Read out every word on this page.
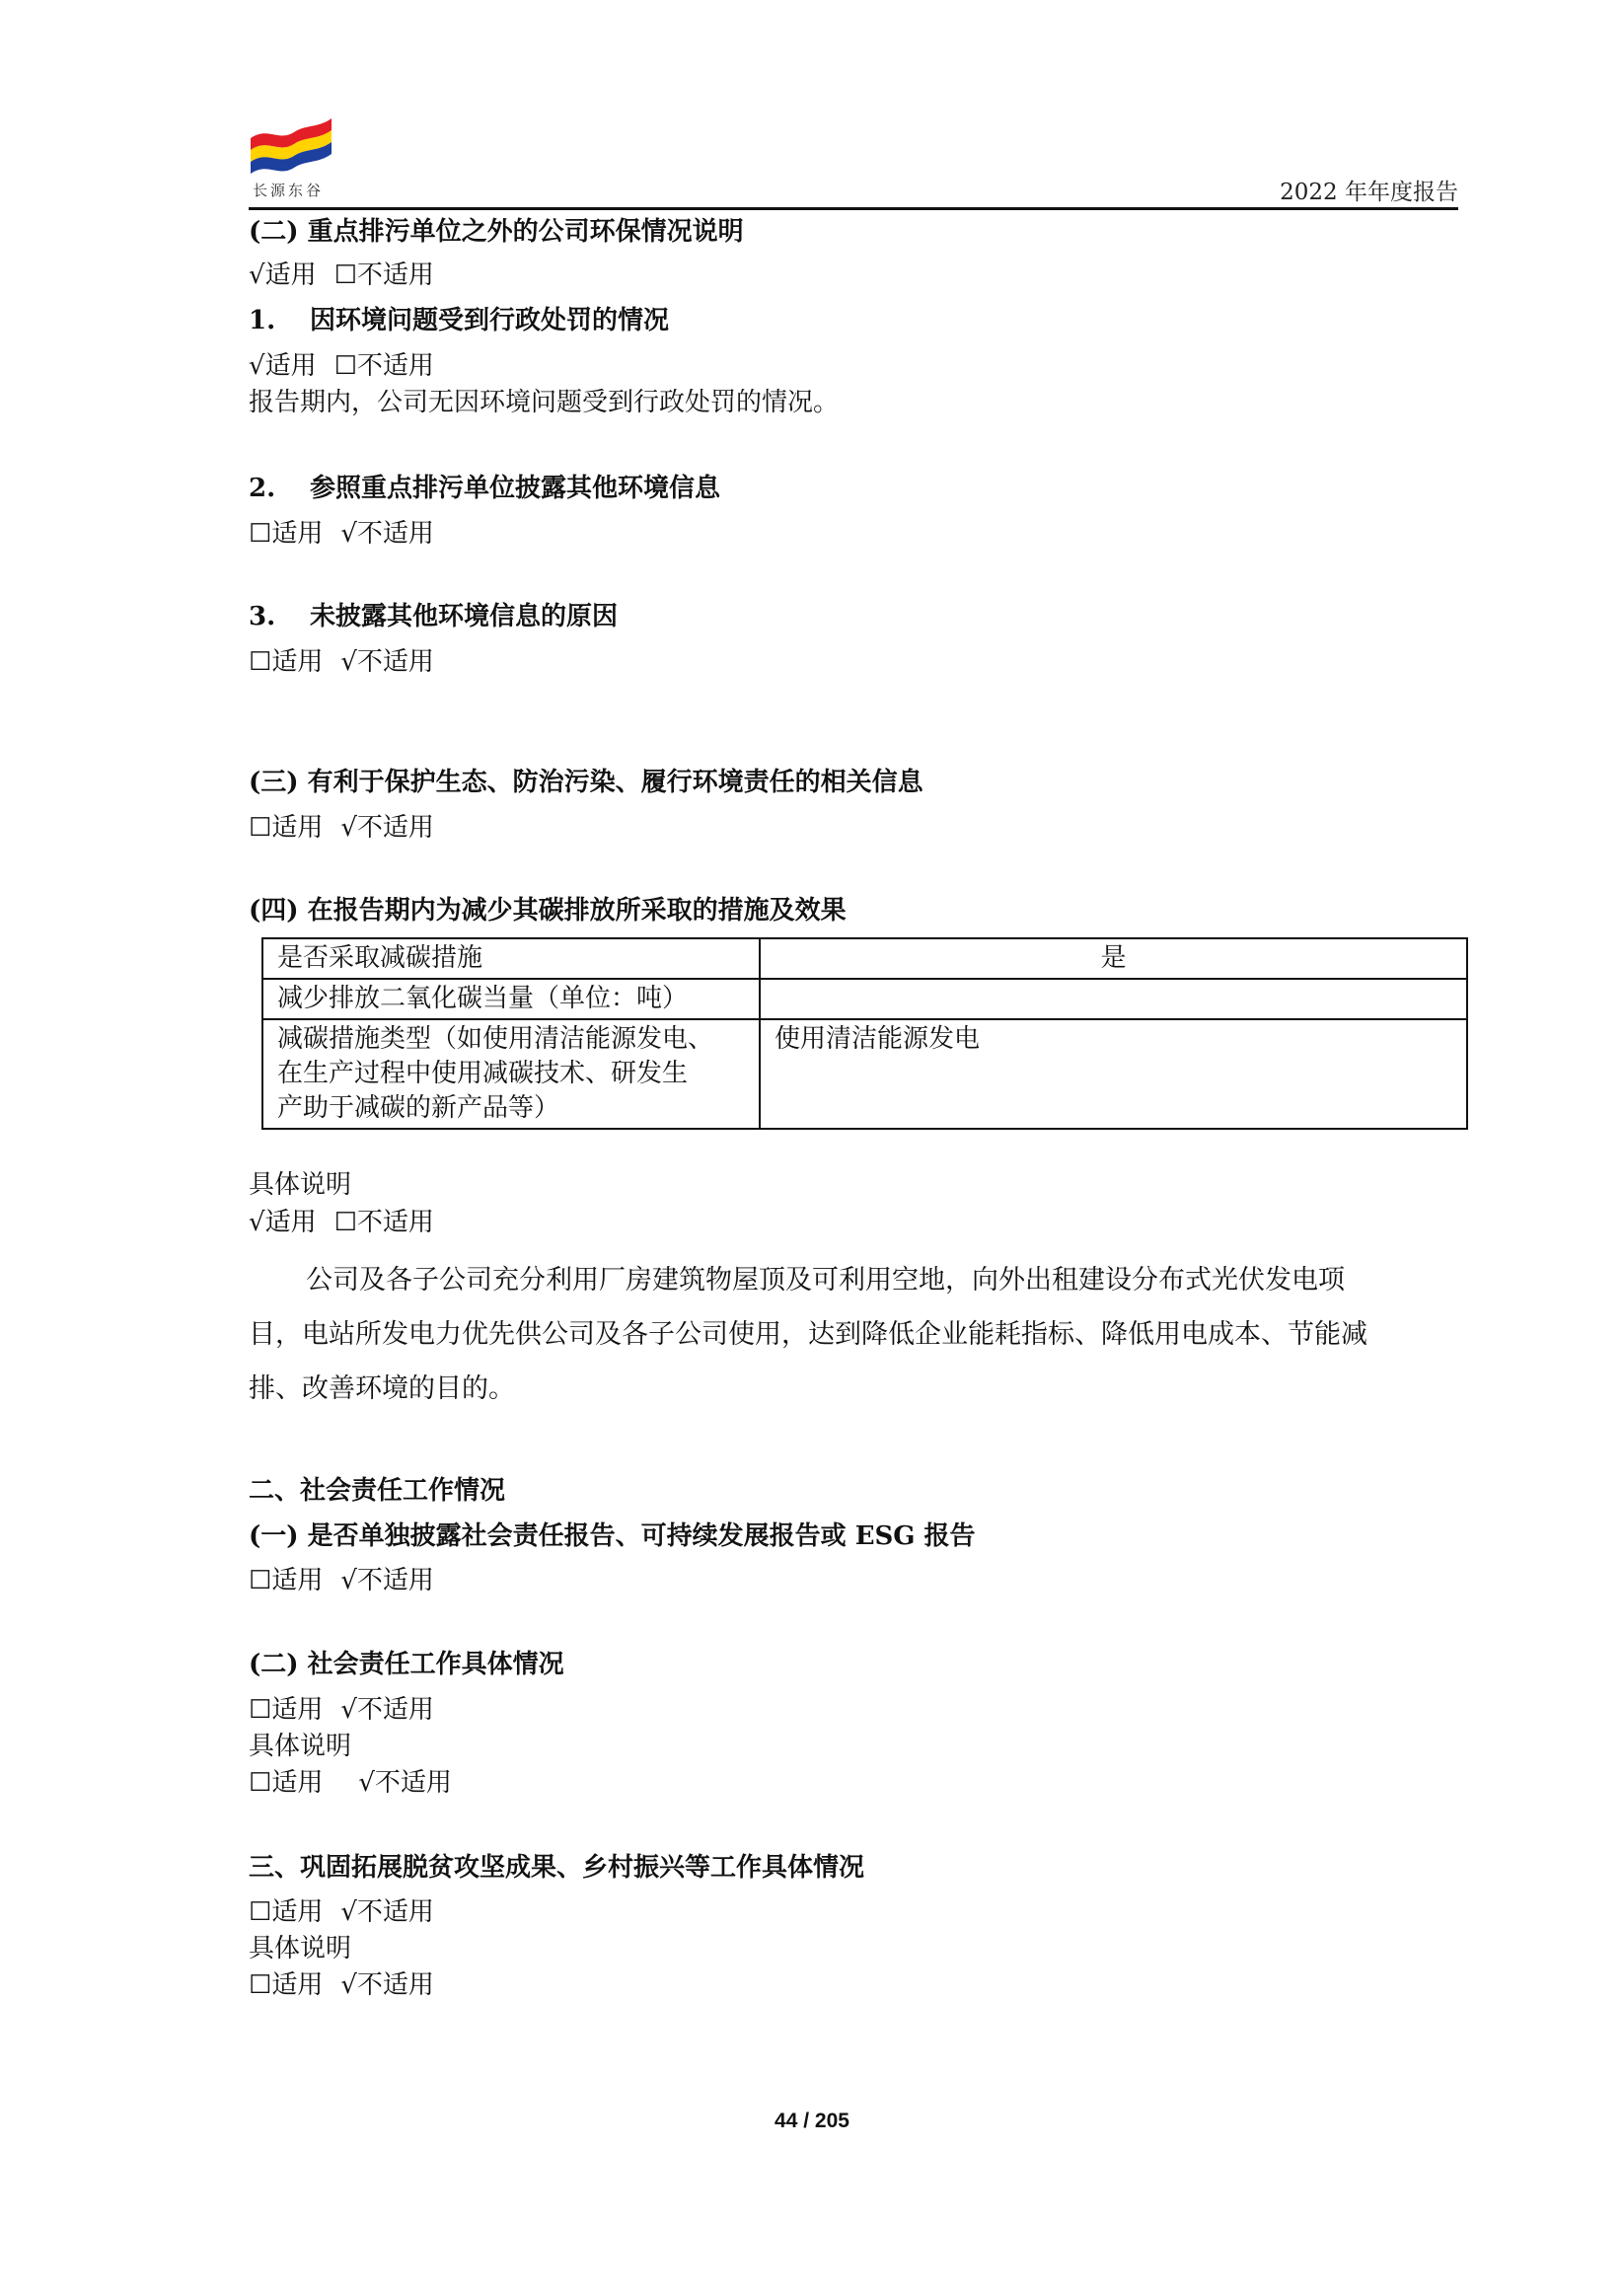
长源东谷	2022 年年度报告
(二) 重点排污单位之外的公司环保情况说明
√适用 ☐不适用
1. 因环境问题受到行政处罚的情况
√适用 ☐不适用
报告期内，公司无因环境问题受到行政处罚的情况。
2. 参照重点排污单位披露其他环境信息
☐适用 √不适用
3. 未披露其他环境信息的原因
☐适用 √不适用
(三) 有利于保护生态、防治污染、履行环境责任的相关信息
☐适用 √不适用
(四) 在报告期内为减少其碳排放所采取的措施及效果
是否采取减碳措施	是
减少排放二氧化碳当量（单位：吨）	

减碳措施类型（如使用清洁能源发电、
在生产过程中使用减碳技术、研发生
产助于减碳的新产品等）	使用清洁能源发电
具体说明
√适用 ☐不适用
公司及各子公司充分利用厂房建筑物屋顶及可利用空地，向外出租建设分布式光伏发电项
目，电站所发电力优先供公司及各子公司使用，达到降低企业能耗指标、降低用电成本、节能减
排、改善环境的目的。
二、社会责任工作情况
(一) 是否单独披露社会责任报告、可持续发展报告或 ESG 报告
☐适用 √不适用
(二) 社会责任工作具体情况
☐适用 √不适用
具体说明
☐适用 √不适用
三、巩固拓展脱贫攻坚成果、乡村振兴等工作具体情况
☐适用 √不适用
具体说明
☐适用 √不适用
44 / 205
